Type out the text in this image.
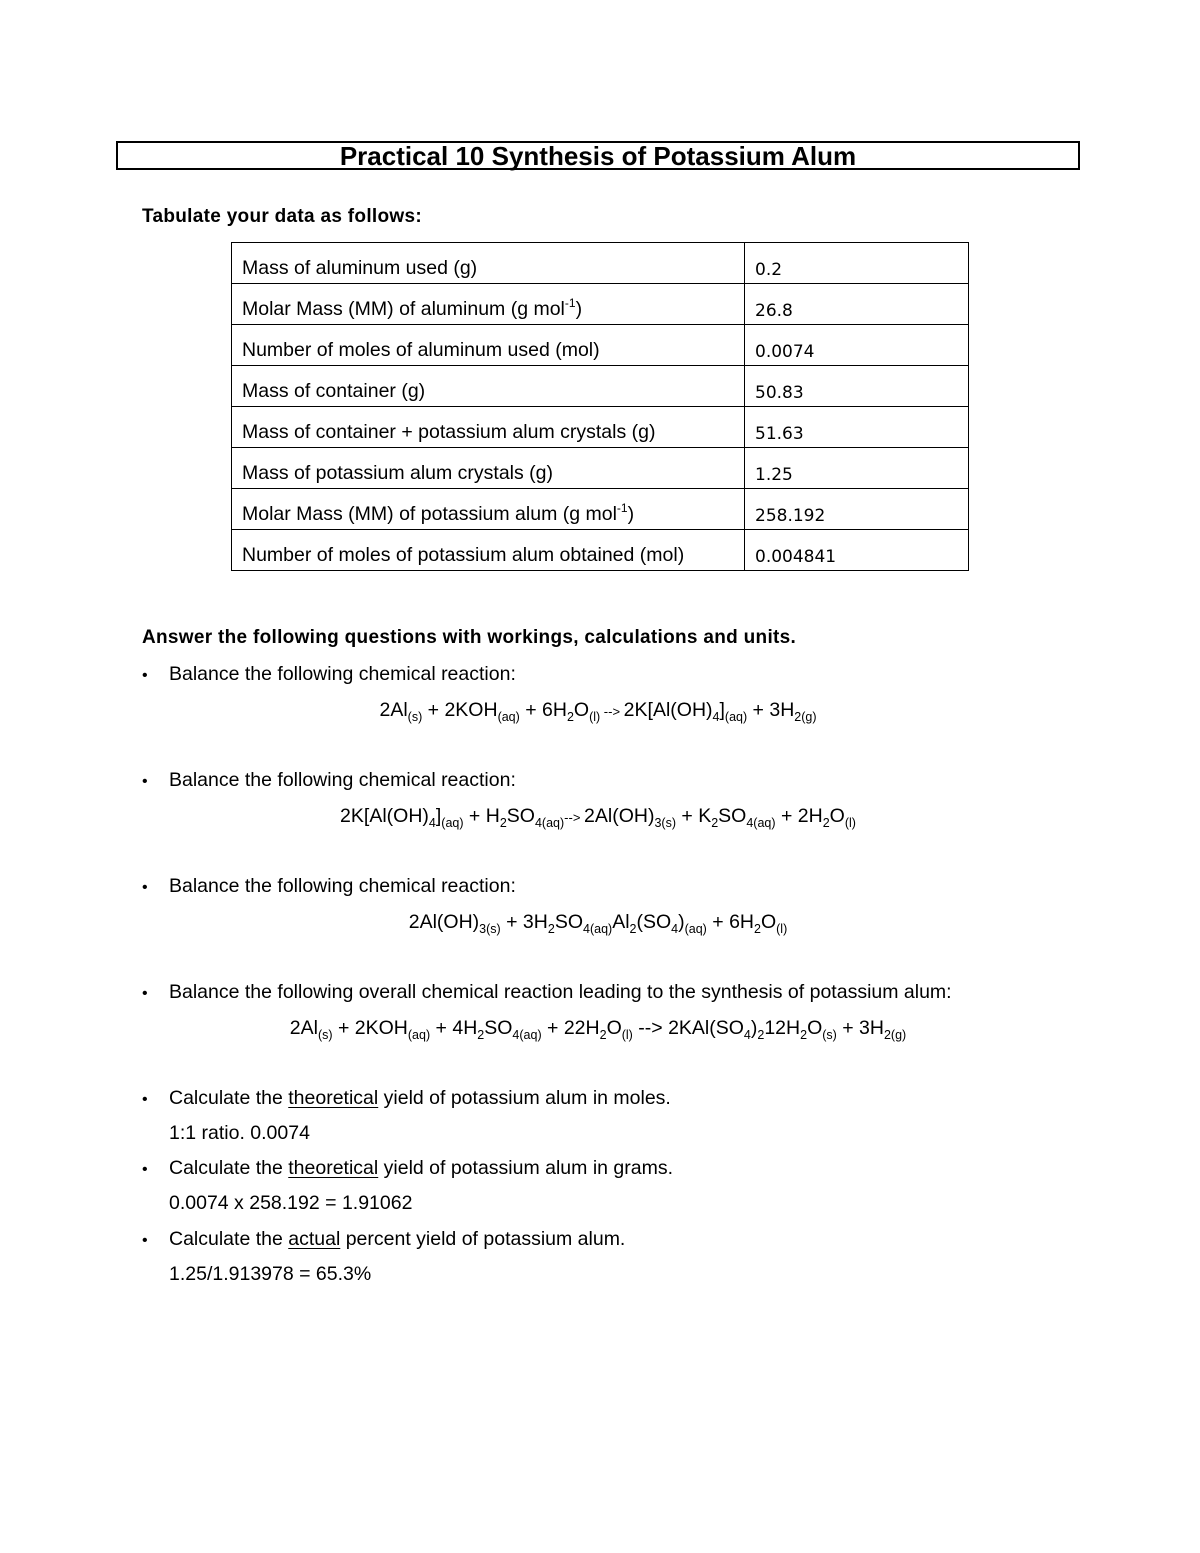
Practical 10 Synthesis of Potassium Alum
Tabulate your data as follows:
Mass of aluminum used (g)	0.2
Molar Mass (MM) of aluminum (g mol$^{-1}$)	26.8
Number of moles of aluminum used (mol)	0.0074
Mass of container (g)	50.83
Mass of container + potassium alum crystals (g)	51.63
Mass of potassium alum crystals (g)	1.25
Molar Mass (MM) of potassium alum (g mol$^{-1}$)	258.192
Number of moles of potassium alum obtained (mol)	0.004841
Answer the following questions with workings, calculations and units.
• Balance the following chemical reaction:
$2Al_{(s)} + 2KOH_{(aq)} + 6H_2O_{(l)}$ --> $2K[Al(OH)_4]_{(aq)} + 3H_{2(g)}$
• Balance the following chemical reaction:
$2K[Al(OH)_4]_{(aq)} + H_2SO_{4(aq)}--> 2Al(OH)_{3(s)} + K_2SO_{4(aq)} + 2H_2O_{(l)}$
• Balance the following chemical reaction:
$2Al(OH)_{3(s)} + 3H_2SO_{4(aq)}Al_2(SO_4)_{(aq)} + 6H_2O_{(l)}$
• Balance the following overall chemical reaction leading to the synthesis of potassium alum:
$2Al_{(s)} + 2KOH_{(aq)} + 4H_2SO_{4(aq)} + 22H_2O_{(l)}$ --> $2KAl(SO_4)_212H_2O_{(s)} + 3H_{2(g)}$
• Calculate the theoretical yield of potassium alum in moles.
1:1 ratio. 0.0074
• Calculate the theoretical yield of potassium alum in grams.
0.0074 x 258.192 = 1.91062
• Calculate the actual percent yield of potassium alum.
1.25/1.913978 = 65.3%
